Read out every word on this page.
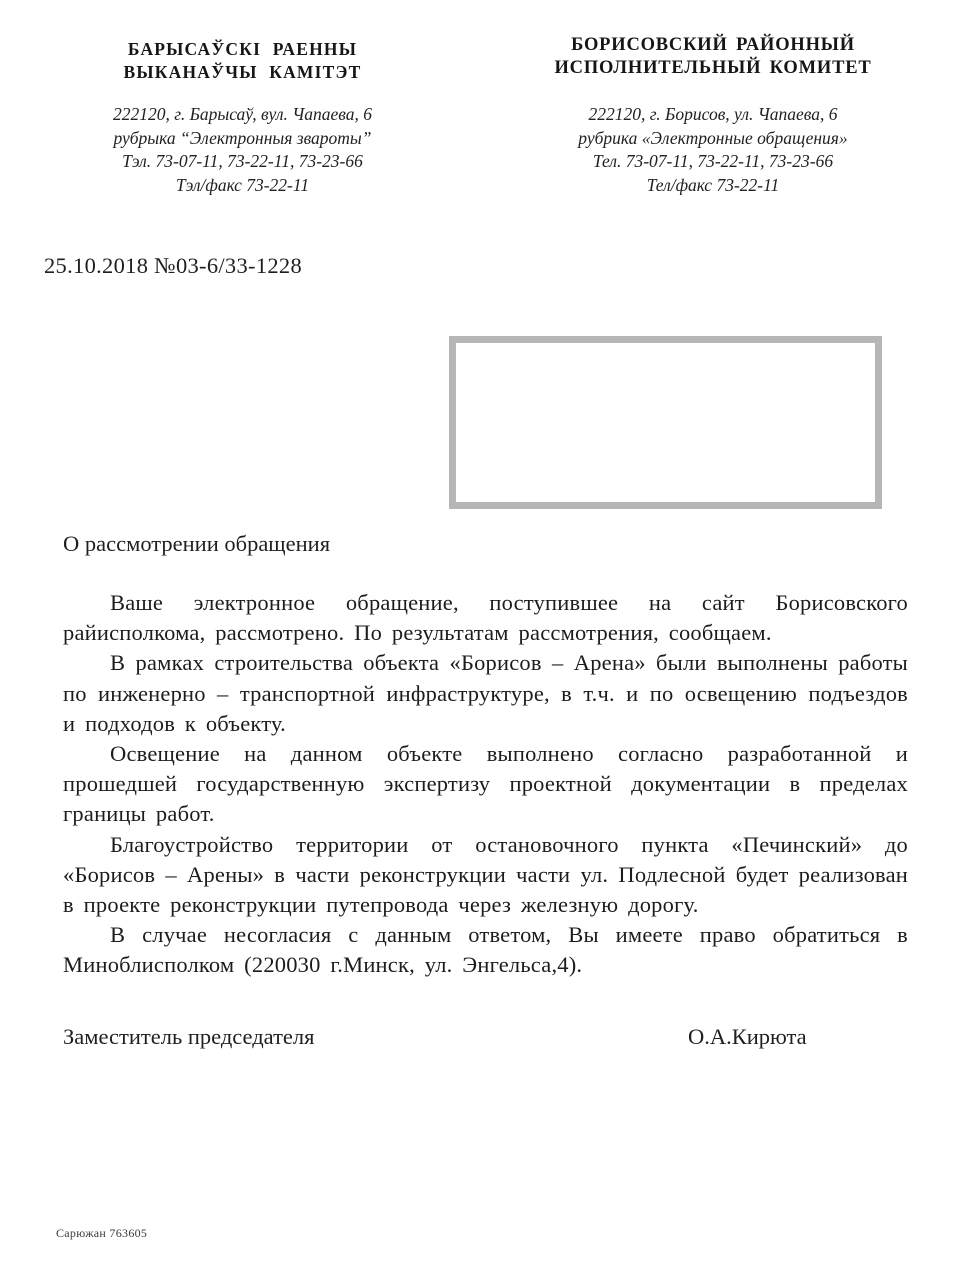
БАРЫСАЎСКІ РАЕННЫ
ВЫКАНАЎЧЫ КАМІТЭТ
222120, г. Барысаў, вул. Чапаева, 6
рубрыка “Электронныя звароты”
Тэл. 73-07-11, 73-22-11, 73-23-66
Тэл/факс 73-22-11
БОРИСОВСКИЙ РАЙОННЫЙ
ИСПОЛНИТЕЛЬНЫЙ КОМИТЕТ
222120, г. Борисов, ул. Чапаева, 6
рубрика «Электронные обращения»
Тел. 73-07-11, 73-22-11, 73-23-66
Тел/факс 73-22-11
25.10.2018 №03-6/33-1228
О рассмотрении обращения

Ваше электронное обращение, поступившее на сайт Борисовского райисполкома, рассмотрено. По результатам рассмотрения, сообщаем.

В рамках строительства объекта «Борисов – Арена» были выполнены работы по инженерно – транспортной инфраструктуре, в т.ч. и по освещению подъездов и подходов к объекту.

Освещение на данном объекте выполнено согласно разработанной и прошедшей государственную экспертизу проектной документации в пределах границы работ.

Благоустройство территории от остановочного пункта «Печинский» до «Борисов – Арены» в части реконструкции части ул. Подлесной будет реализован в проекте реконструкции путепровода через железную дорогу.

В случае несогласия с данным ответом, Вы имеете право обратиться в Миноблисполком (220030 г.Минск, ул. Энгельса,4).

Заместитель председателя	О.А.Кирюта
Сарюжан 763605
